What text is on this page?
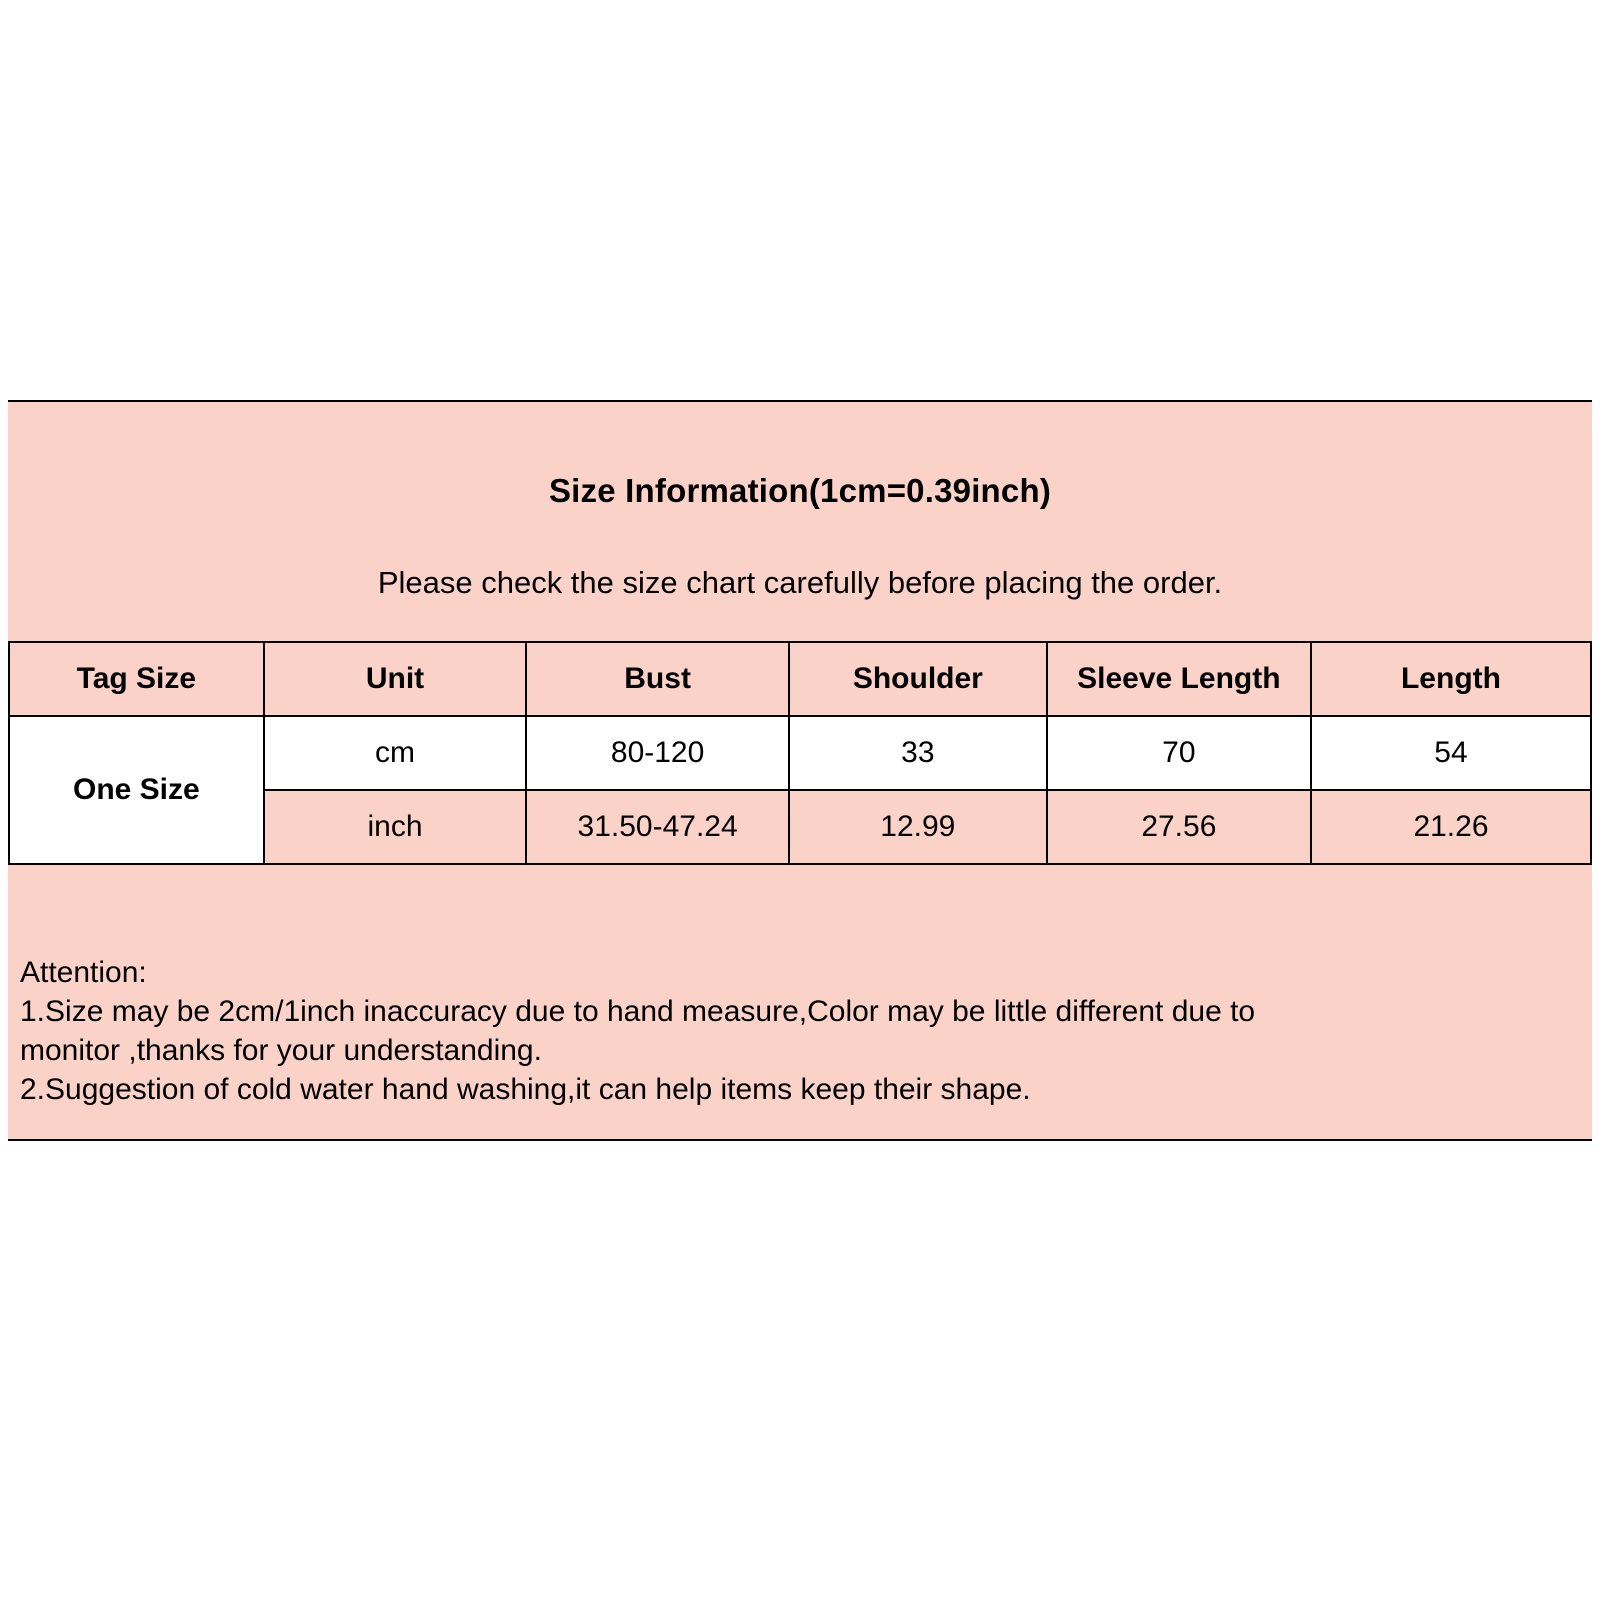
Size Information(1cm=0.39inch)
Please check the size chart carefully before placing the order.
Tag Size	Unit	Bust	Shoulder	Sleeve Length	Length
One Size	cm	80-120	33	70	54
	inch	31.50-47.24	12.99	27.56	21.26

Attention:

1.Size may be 2cm/1inch inaccuracy due to hand measure,Color may be little different due to

monitor ,thanks for your understanding.

2.Suggestion of cold water hand washing,it can help items keep their shape.
